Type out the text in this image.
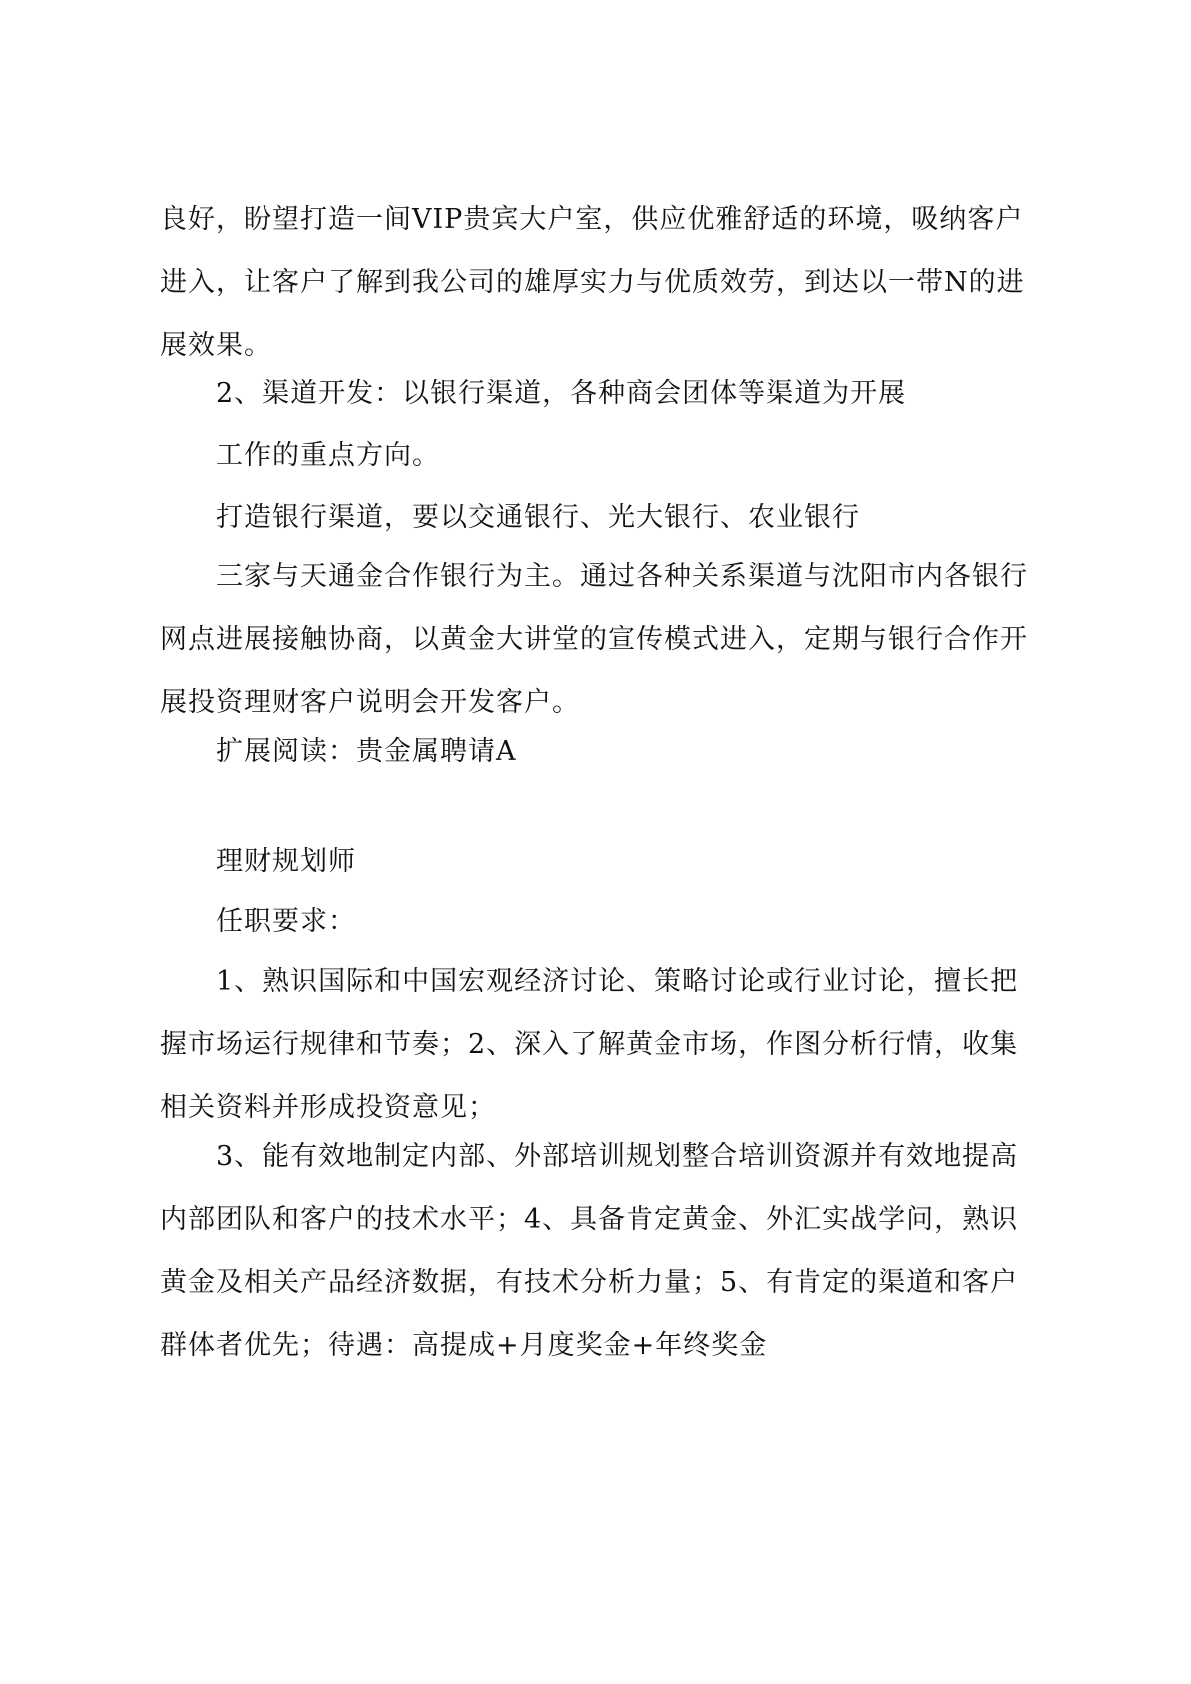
良好，盼望打造一间VIP贵宾大户室，供应优雅舒适的环境，吸纳客户进入，让客户了解到我公司的雄厚实力与优质效劳，到达以一带N的进展效果。

2、渠道开发：以银行渠道，各种商会团体等渠道为开展

工作的重点方向。

打造银行渠道，要以交通银行、光大银行、农业银行

三家与天通金合作银行为主。通过各种关系渠道与沈阳市内各银行网点进展接触协商，以黄金大讲堂的宣传模式进入，定期与银行合作开展投资理财客户说明会开发客户。

扩展阅读：贵金属聘请A

理财规划师

任职要求：

1、熟识国际和中国宏观经济讨论、策略讨论或行业讨论，擅长把握市场运行规律和节奏；2、深入了解黄金市场，作图分析行情，收集相关资料并形成投资意见；

3、能有效地制定内部、外部培训规划整合培训资源并有效地提高内部团队和客户的技术水平；4、具备肯定黄金、外汇实战学问，熟识黄金及相关产品经济数据，有技术分析力量；5、有肯定的渠道和客户群体者优先；待遇：高提成+月度奖金+年终奖金
